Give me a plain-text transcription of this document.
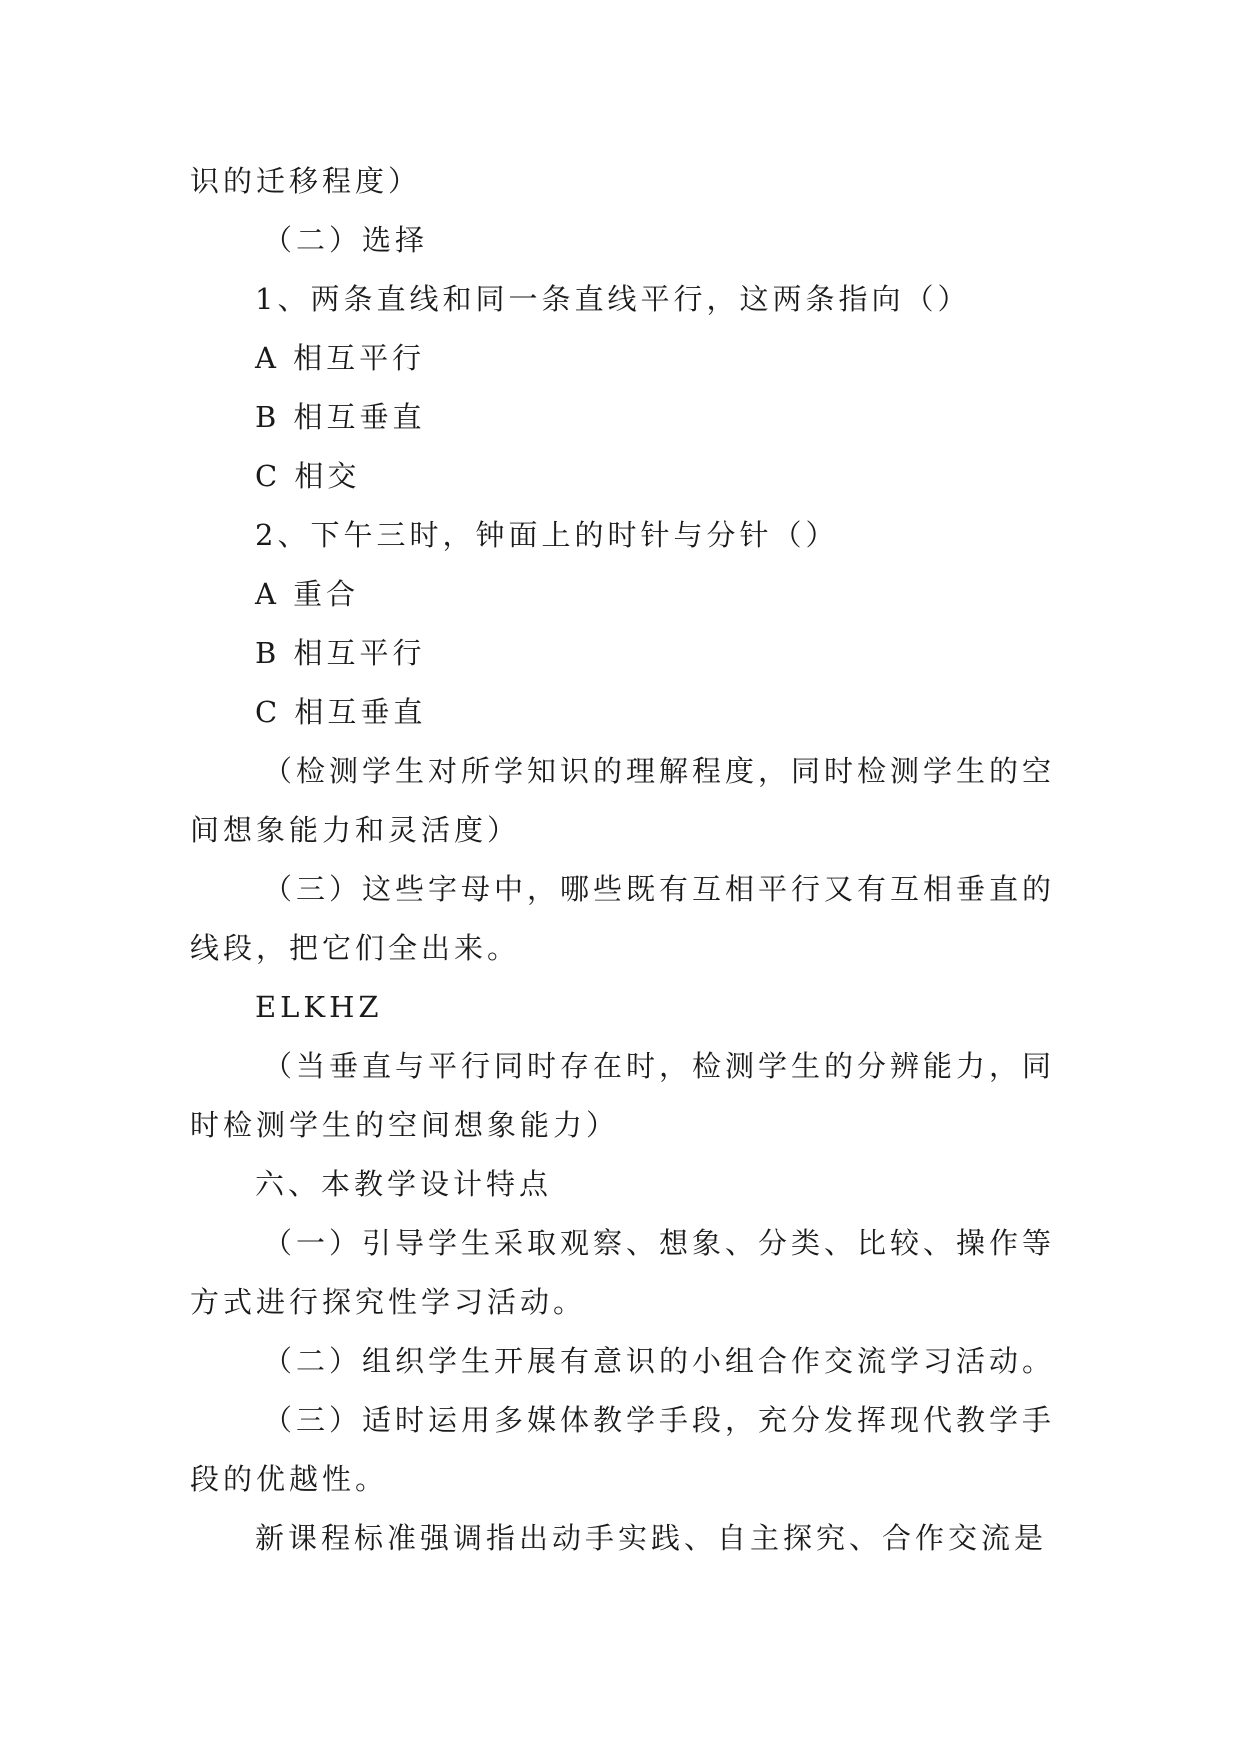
识的迁移程度）
（二）选择
1、两条直线和同一条直线平行，这两条指向（）
A 相互平行
B 相互垂直
C 相交
2、下午三时，钟面上的时针与分针（）
A 重合
B 相互平行
C 相互垂直
（检测学生对所学知识的理解程度，同时检测学生的空
间想象能力和灵活度）
（三）这些字母中，哪些既有互相平行又有互相垂直的
线段，把它们全出来。
ELKHZ
（当垂直与平行同时存在时，检测学生的分辨能力，同
时检测学生的空间想象能力）
六、本教学设计特点
（一）引导学生采取观察、想象、分类、比较、操作等
方式进行探究性学习活动。
（二）组织学生开展有意识的小组合作交流学习活动。
（三）适时运用多媒体教学手段，充分发挥现代教学手
段的优越性。
新课程标准强调指出动手实践、自主探究、合作交流是
